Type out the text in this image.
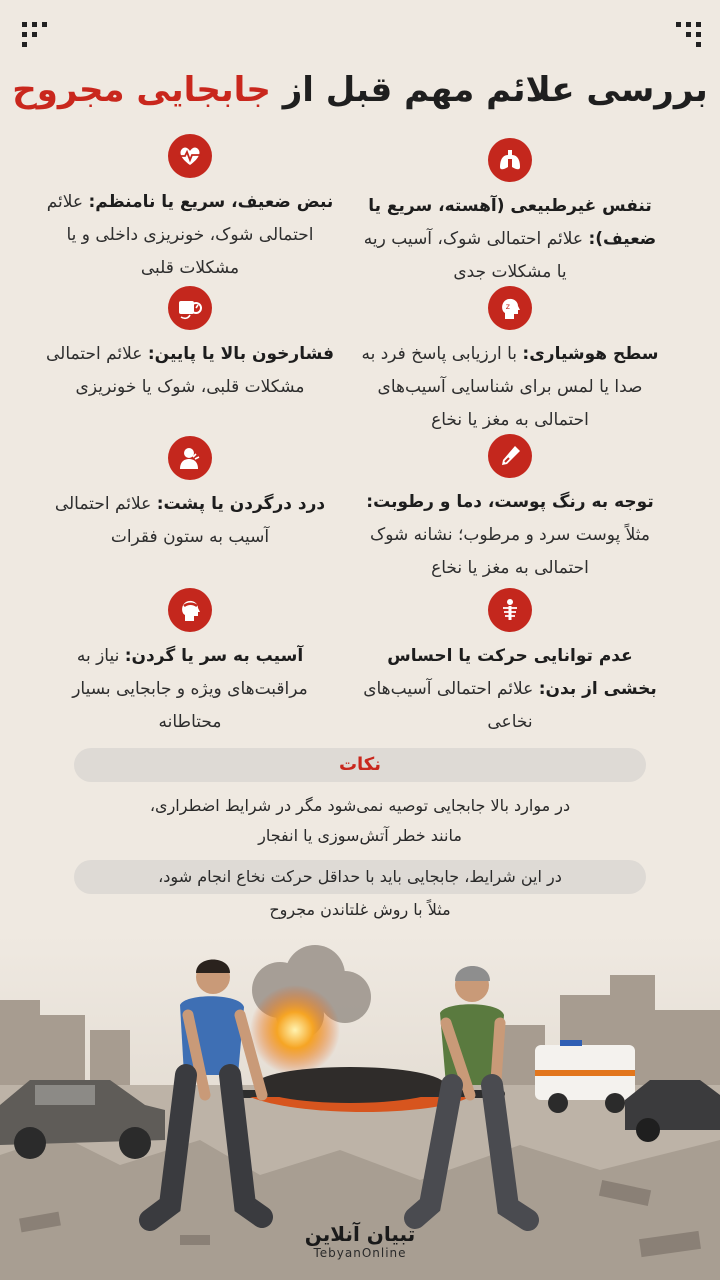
بررسی علائم مهم قبل از جابجایی مجروح

تنفس غیرطبیعی (آهسته، سریع یا ضعیف): علائم احتمالی شوک، آسیب ریه یا مشکلات جدی

نبض ضعیف، سریع یا نامنظم: علائم احتمالی شوک، خونریزی داخلی و یا مشکلات قلبی

z

سطح هوشیاری: با ارزیابی پاسخ فرد به صدا یا لمس برای شناسایی آسیب‌های احتمالی به مغز یا نخاع

فشارخون بالا یا پایین: علائم احتمالی مشکلات قلبی، شوک یا خونریزی

توجه به رنگ پوست، دما و رطوبت: مثلاً پوست سرد و مرطوب؛ نشانه شوک احتمالی به مغز یا نخاع

درد درگردن یا پشت: علائم احتمالی آسیب به ستون فقرات

عدم توانایی حرکت یا احساس بخشی از بدن: علائم احتمالی آسیب‌های نخاعی

آسیب به سر یا گردن: نیاز به مراقبت‌های ویژه و جابجایی بسیار محتاطانه

نکات
در موارد بالا جابجایی توصیه نمی‌شود مگر در شرایط اضطراری،
مانند خطر آتش‌سوزی یا انفجار
در این شرایط، جابجایی باید با حداقل حرکت نخاع انجام شود،
مثلاً با روش غلتاندن مجروح
تبیان آنلاین
TebyanOnline
